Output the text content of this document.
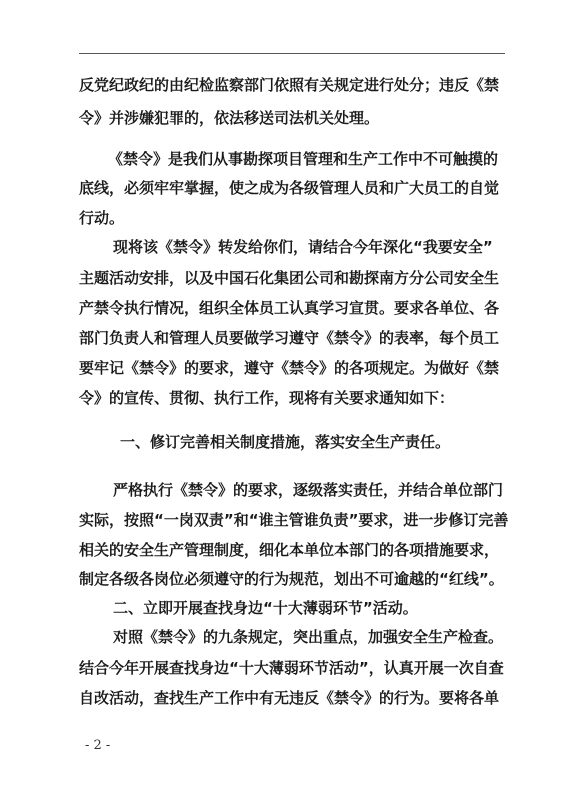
反党纪政纪的由纪检监察部门依照有关规定进行处分；违反《禁
令》并涉嫌犯罪的，依法移送司法机关处理。
《禁令》是我们从事勘探项目管理和生产工作中不可触摸的
底线，必须牢牢掌握，使之成为各级管理人员和广大员工的自觉
行动。
现将该《禁令》转发给你们，请结合今年深化“我要安全”
主题活动安排，以及中国石化集团公司和勘探南方分公司安全生
产禁令执行情况，组织全体员工认真学习宣贯。要求各单位、各
部门负责人和管理人员要做学习遵守《禁令》的表率，每个员工
要牢记《禁令》的要求，遵守《禁令》的各项规定。为做好《禁
令》的宣传、贯彻、执行工作，现将有关要求通知如下：
一、修订完善相关制度措施，落实安全生产责任。
严格执行《禁令》的要求，逐级落实责任，并结合单位部门
实际，按照“一岗双责”和“谁主管谁负责”要求，进一步修订完善
相关的安全生产管理制度，细化本单位本部门的各项措施要求，
制定各级各岗位必须遵守的行为规范，划出不可逾越的“红线”。
二、立即开展查找身边“十大薄弱环节”活动。
对照《禁令》的九条规定，突出重点，加强安全生产检查。
结合今年开展查找身边“十大薄弱环节活动”，认真开展一次自查
自改活动，查找生产工作中有无违反《禁令》的行为。要将各单
- 2 -
